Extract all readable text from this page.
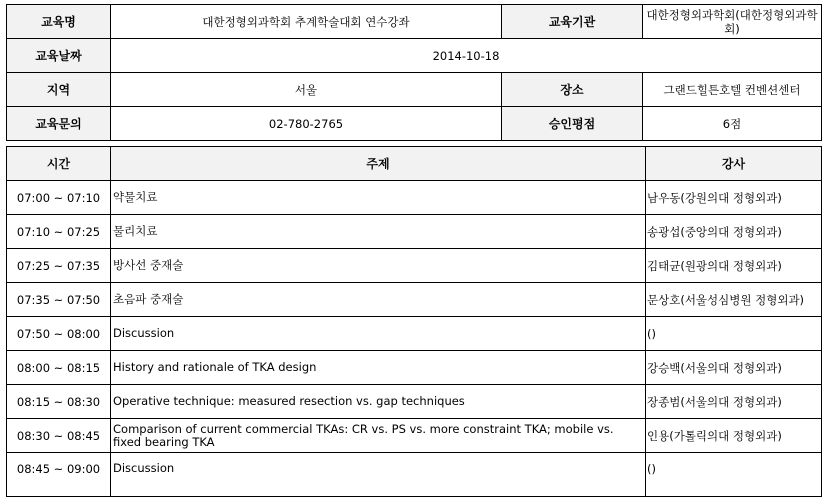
교육명	대한정형외과학회 추계학술대회 연수강좌	교육기관	대한정형외과학회(대한정형외과학회)
교육날짜	2014-10-18		
지역	서울	장소	그랜드힐튼호텔 컨벤션센터
교육문의	02-780-2765	승인평점	6점
시간	주제	강사
07:00 ~ 07:10	약물치료	남우동(강원의대 정형외과)
07:10 ~ 07:25	물리치료	송광섭(중앙의대 정형외과)
07:25 ~ 07:35	방사선 중재술	김태균(원광의대 정형외과)
07:35 ~ 07:50	초음파 중재술	문상호(서울성심병원 정형외과)
07:50 ~ 08:00	Discussion	()
08:00 ~ 08:15	History and rationale of TKA design	강승백(서울의대 정형외과)
08:15 ~ 08:30	Operative technique: measured resection vs. gap techniques	장종범(서울의대 정형외과)
08:30 ~ 08:45	Comparison of current commercial TKAs: CR vs. PS vs. more constraint TKA; mobile vs. fixed bearing TKA	인용(가톨릭의대 정형외과)
08:45 ~ 09:00	Discussion	()
